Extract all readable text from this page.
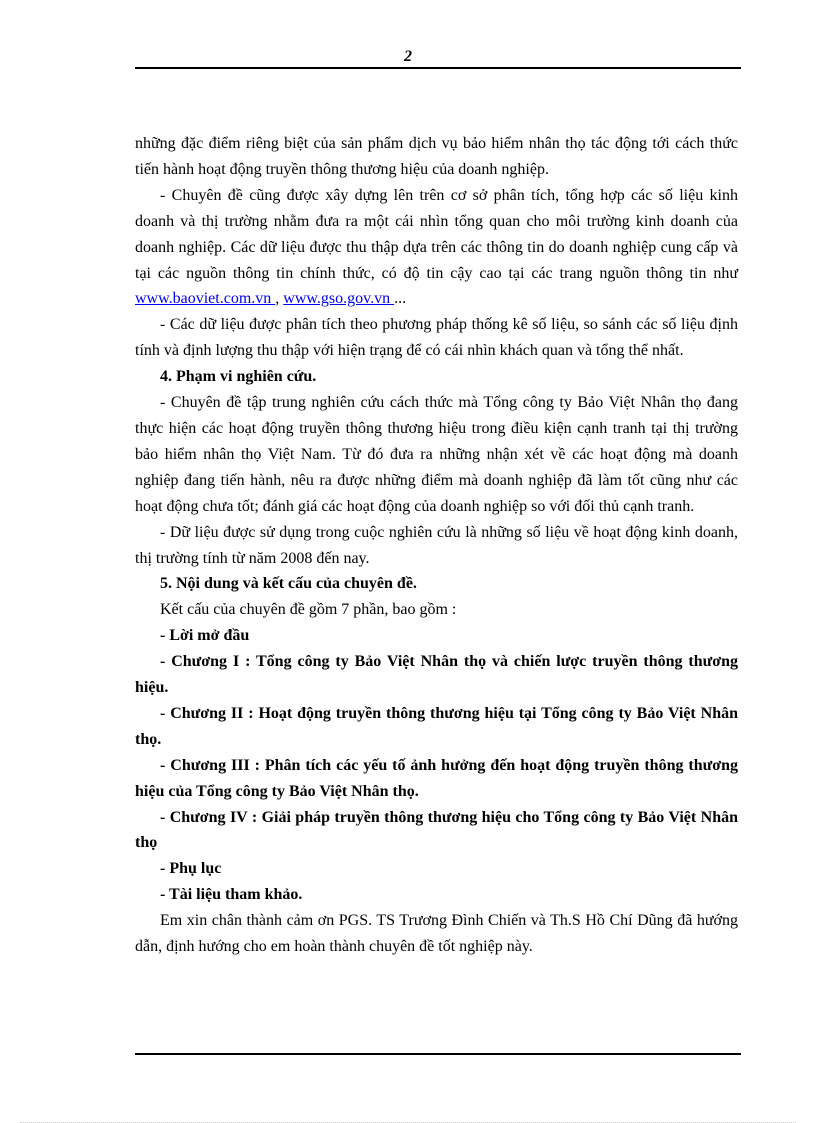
2

những đặc điểm riêng biệt của sản phẩm dịch vụ bảo hiểm nhân thọ tác động tới cách thức tiến hành hoạt động truyền thông thương hiệu của doanh nghiệp.

- Chuyên đề cũng được xây dựng lên trên cơ sở phân tích, tổng hợp các số liệu kinh doanh và thị trường nhằm đưa ra một cái nhìn tổng quan cho môi trường kinh doanh của doanh nghiệp. Các dữ liệu được thu thập dựa trên các thông tin do doanh nghiệp cung cấp và tại các nguồn thông tin chính thức, có độ tin cậy cao tại các trang nguồn thông tin như www.baoviet.com.vn , www.gso.gov.vn ...

- Các dữ liệu được phân tích theo phương pháp thống kê số liệu, so sánh các số liệu định tính và định lượng thu thập với hiện trạng để có cái nhìn khách quan và tổng thể nhất.

4. Phạm vi nghiên cứu.

- Chuyên đề tập trung nghiên cứu cách thức mà Tổng công ty Bảo Việt Nhân thọ đang thực hiện các hoạt động truyền thông thương hiệu trong điều kiện cạnh tranh tại thị trường bảo hiểm nhân thọ Việt Nam. Từ đó đưa ra những nhận xét về các hoạt động mà doanh nghiệp đang tiến hành, nêu ra được những điểm mà doanh nghiệp đã làm tốt cũng như các hoạt động chưa tốt; đánh giá các hoạt động của doanh nghiệp so với đối thủ cạnh tranh.

- Dữ liệu được sử dụng trong cuộc nghiên cứu là những số liệu về hoạt động kinh doanh, thị trường tính từ năm 2008 đến nay.

5. Nội dung và kết cấu của chuyên đề.

Kết cấu của chuyên đề gồm 7 phần, bao gồm :

- Lời mở đầu

- Chương I : Tổng công ty Bảo Việt Nhân thọ và chiến lược truyền thông thương hiệu.

- Chương II : Hoạt động truyền thông thương hiệu tại Tổng công ty Bảo Việt Nhân thọ.

- Chương III : Phân tích các yếu tố ảnh hưởng đến hoạt động truyền thông thương hiệu của Tổng công ty Bảo Việt Nhân thọ.

- Chương IV : Giải pháp truyền thông thương hiệu cho Tổng công ty Bảo Việt Nhân thọ

- Phụ lục

- Tài liệu tham khảo.

Em xin chân thành cảm ơn PGS. TS Trương Đình Chiến và Th.S Hồ Chí Dũng đã hướng dẫn, định hướng cho em hoàn thành chuyên đề tốt nghiệp này.
